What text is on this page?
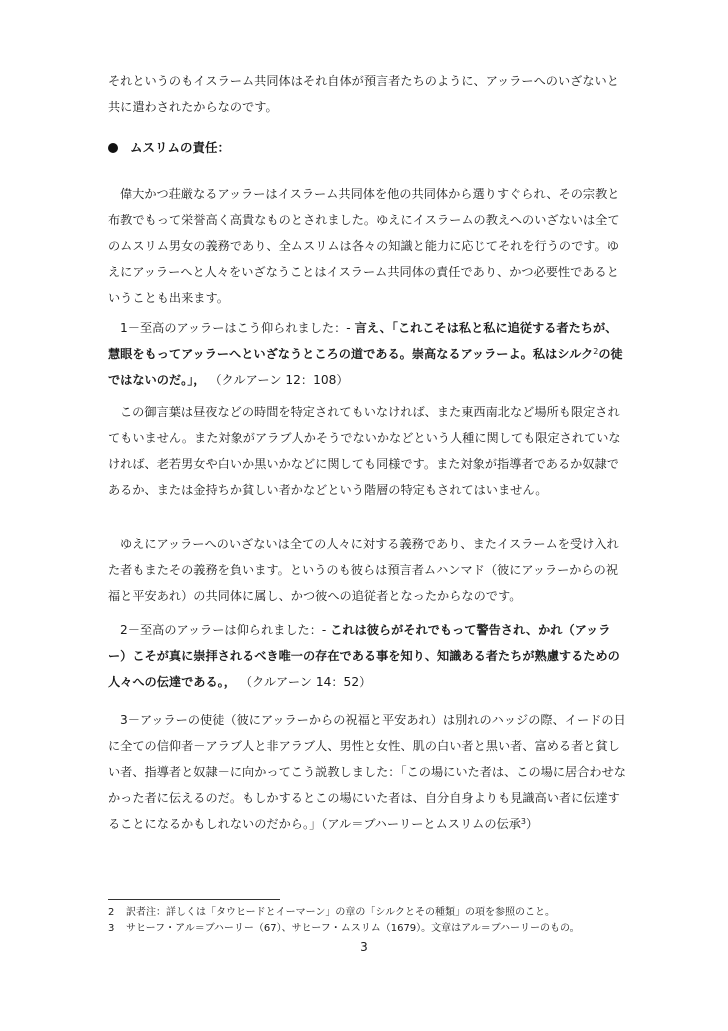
それというのもイスラーム共同体はそれ自体が預言者たちのように、アッラーへのいざないと共に遣わされたからなのです。

ムスリムの責任：

偉大かつ荘厳なるアッラーはイスラーム共同体を他の共同体から選りすぐられ、その宗教と布教でもって栄誉高く高貴なものとされました。ゆえにイスラームの教えへのいざないは全てのムスリム男女の義務であり、全ムスリムは各々の知識と能力に応じてそれを行うのです。ゆえにアッラーへと人々をいざなうことはイスラーム共同体の責任であり、かつ必要性であるということも出来ます。

1－至高のアッラーはこう仰られました：- 言え、「これこそは私と私に追従する者たちが、慧眼をもってアッラーへといざなうところの道である。崇高なるアッラーよ。私はシルク$^2$の徒ではないのだ。」， （クルアーン 12：108）

この御言葉は昼夜などの時間を特定されてもいなければ、また東西南北など場所も限定されてもいません。また対象がアラブ人かそうでないかなどという人種に関しても限定されていなければ、老若男女や白いか黒いかなどに関しても同様です。また対象が指導者であるか奴隷であるか、または金持ちか貧しい者かなどという階層の特定もされてはいません。

ゆえにアッラーへのいざないは全ての人々に対する義務であり、またイスラームを受け入れた者もまたその義務を負います。というのも彼らは預言者ムハンマド（彼にアッラーからの祝福と平安あれ）の共同体に属し、かつ彼への追従者となったからなのです。

2－至高のアッラーは仰られました：- これは彼らがそれでもって警告され、かれ（アッラー）こそが真に崇拝されるべき唯一の存在である事を知り、知識ある者たちが熟慮するための人々への伝達である。， （クルアーン 14：52）

3－アッラーの使徒（彼にアッラーからの祝福と平安あれ）は別れのハッジの際、イードの日に全ての信仰者－アラブ人と非アラブ人、男性と女性、肌の白い者と黒い者、富める者と貧しい者、指導者と奴隷－に向かってこう説教しました：「この場にいた者は、この場に居合わせなかった者に伝えるのだ。もしかするとこの場にいた者は、自分自身よりも見識高い者に伝達することになるかもしれないのだから。」（アル＝ブハーリーとムスリムの伝承$^3$）

2 訳者注：詳しくは「タウヒードとイーマーン」の章の「シルクとその種類」の項を参照のこと。
3 サヒーフ・アル＝ブハーリー（67）、サヒーフ・ムスリム（1679）。文章はアル＝ブハーリーのもの。
3
